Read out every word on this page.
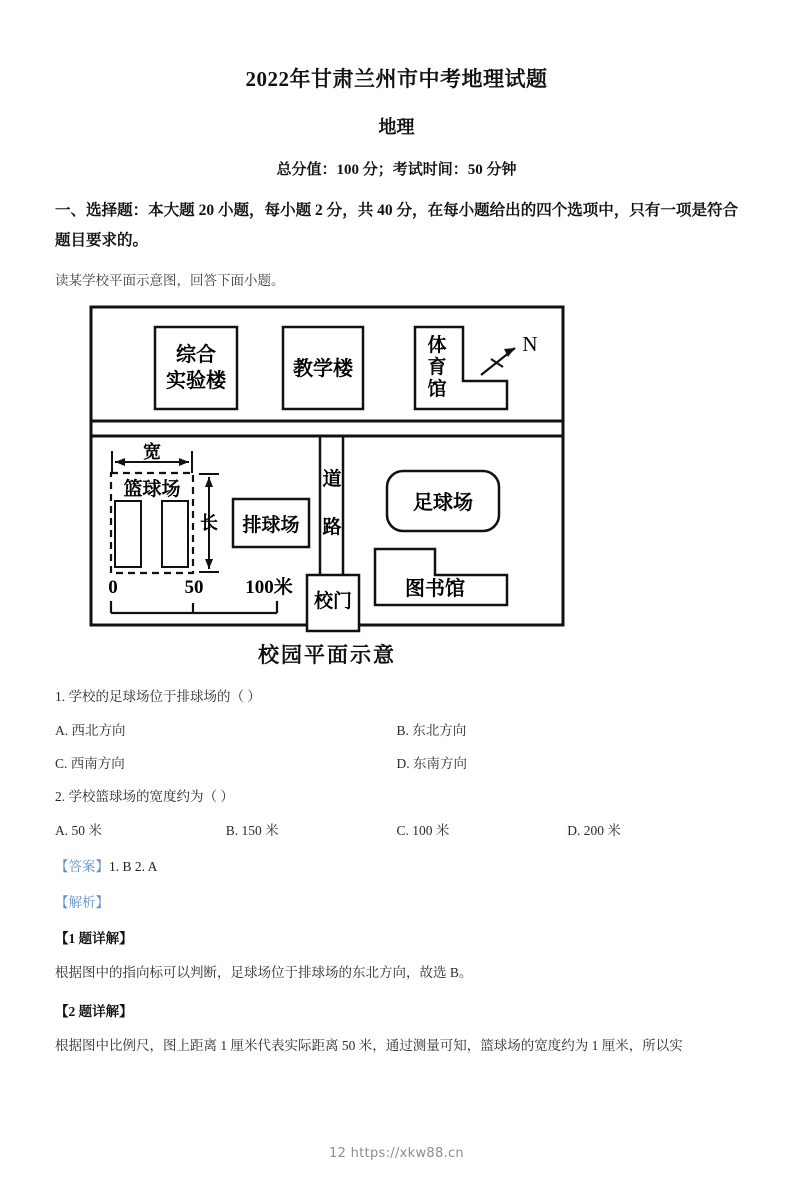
2022年甘肃兰州市中考地理试题
地理
总分值：100 分；考试时间：50 分钟
一、选择题：本大题 20 小题，每小题 2 分，共 40 分，在每小题给出的四个选项中，只有一项是符合题目要求的。
读某学校平面示意图，回答下面小题。
综合
实验楼
教学楼
体
育
馆
N
篮球场
宽
长 排球场
0	50 100米
道
路
校门
足球场
图书馆
校园平面示意
1. 学校的足球场位于排球场的（ ）
A. 西北方向	B. 东北方向
C. 西南方向	D. 东南方向
2. 学校篮球场的宽度约为（ ）
A. 50 米	B. 150 米	C. 100 米	D. 200 米
【答案】1. B 2. A
【解析】
【1 题详解】
根据图中的指向标可以判断，足球场位于排球场的东北方向，故选 B。
【2 题详解】
根据图中比例尺，图上距离 1 厘米代表实际距离 50 米，通过测量可知，篮球场的宽度约为 1 厘米，所以实
12 https://xkw88.cn
